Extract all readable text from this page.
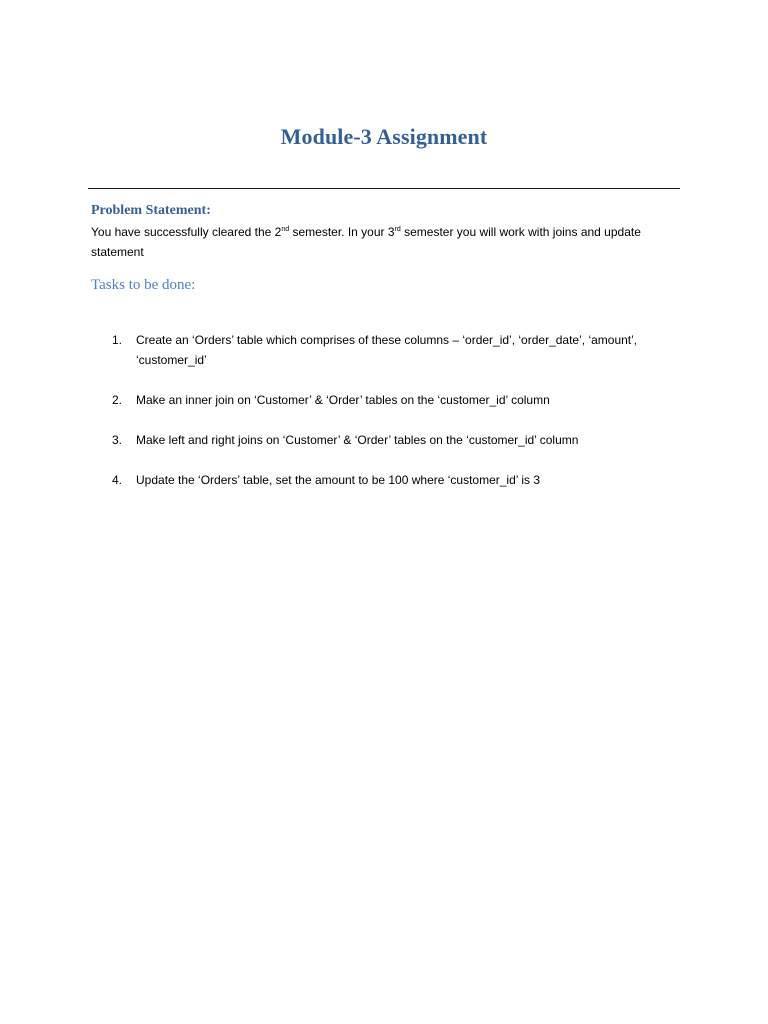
Module-3 Assignment
Problem Statement:
You have successfully cleared the 2nd semester. In your 3rd semester you will work with joins and update statement
Tasks to be done:
1.	Create an ‘Orders’ table which comprises of these columns – ‘order_id’, ‘order_date’, ‘amount’, ‘customer_id’
2.	Make an inner join on ‘Customer’ & ‘Order’ tables on the ‘customer_id’ column
3.	Make left and right joins on ‘Customer’ & ‘Order’ tables on the ‘customer_id’ column
4.	Update the ‘Orders’ table, set the amount to be 100 where ‘customer_id’ is 3
